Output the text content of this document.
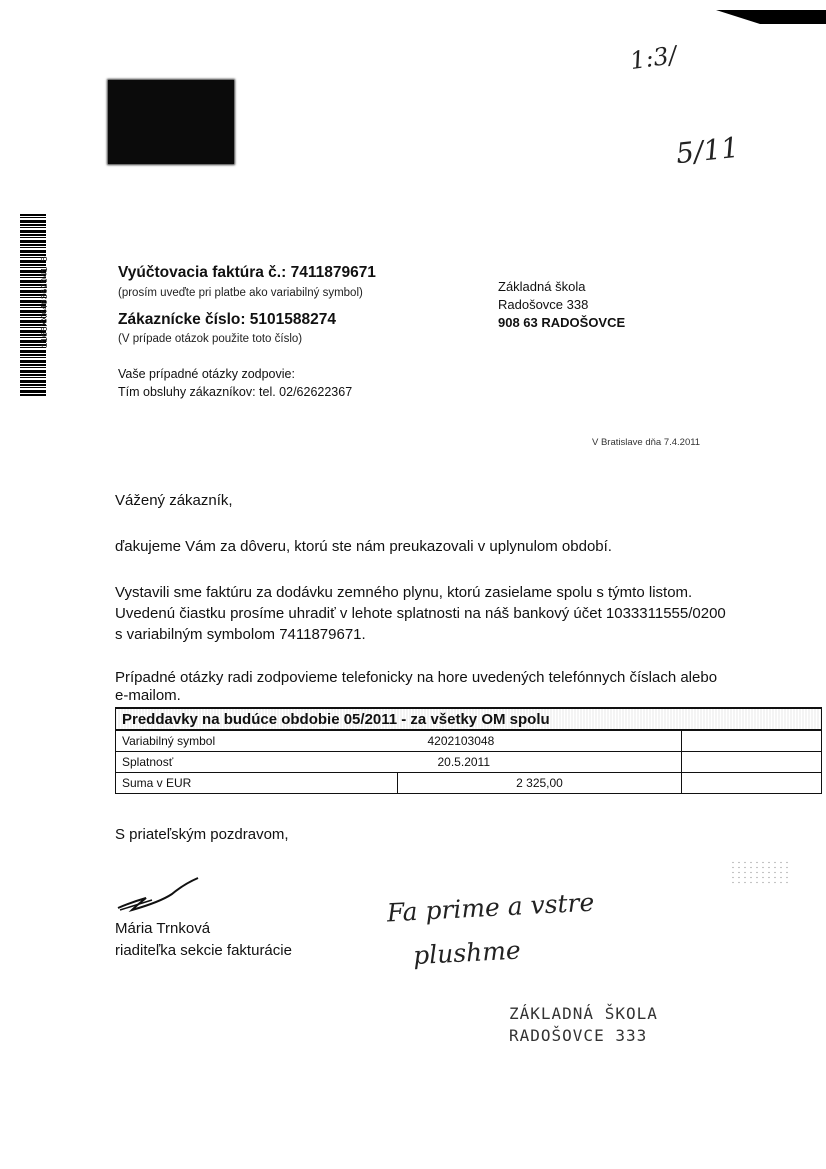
1166XXX40362041 5
1:3/
5/11
Vyúčtovacia faktúra č.: 7411879671
(prosím uveďte pri platbe ako variabilný symbol)
Zákaznícke číslo: 5101588274
(V prípade otázok použite toto číslo)
Vaše prípadné otázky zodpovie:
Tím obsluhy zákazníkov: tel. 02/62622367
Základná škola
Radošovce 338
908 63 RADOŠOVCE
V Bratislave dňa 7.4.2011
Vážený zákazník,
ďakujeme Vám za dôveru, ktorú ste nám preukazovali v uplynulom období.
Vystavili sme faktúru za dodávku zemného plynu, ktorú zasielame spolu s týmto listom.
Uvedenú čiastku prosíme uhradiť v lehote splatnosti na náš bankový účet 1033311555/0200
s variabilným symbolom 7411879671.
Prípadné otázky radi zodpovieme telefonicky na hore uvedených telefónnych číslach alebo
e-mailom.
Preddavky na budúce obdobie 05/2011 - za všetky OM spolu		
Variabilný symbol 4202103048		

Splatnosť 20.5.2011		

Suma v EUR	2 325,00	
S priateľským pozdravom,
Mária Trnková
riaditeľka sekcie fakturácie
Fa prime a vstre
plushme
ZÁKLADNÁ ŠKOLA
RADOŠOVCE 333
